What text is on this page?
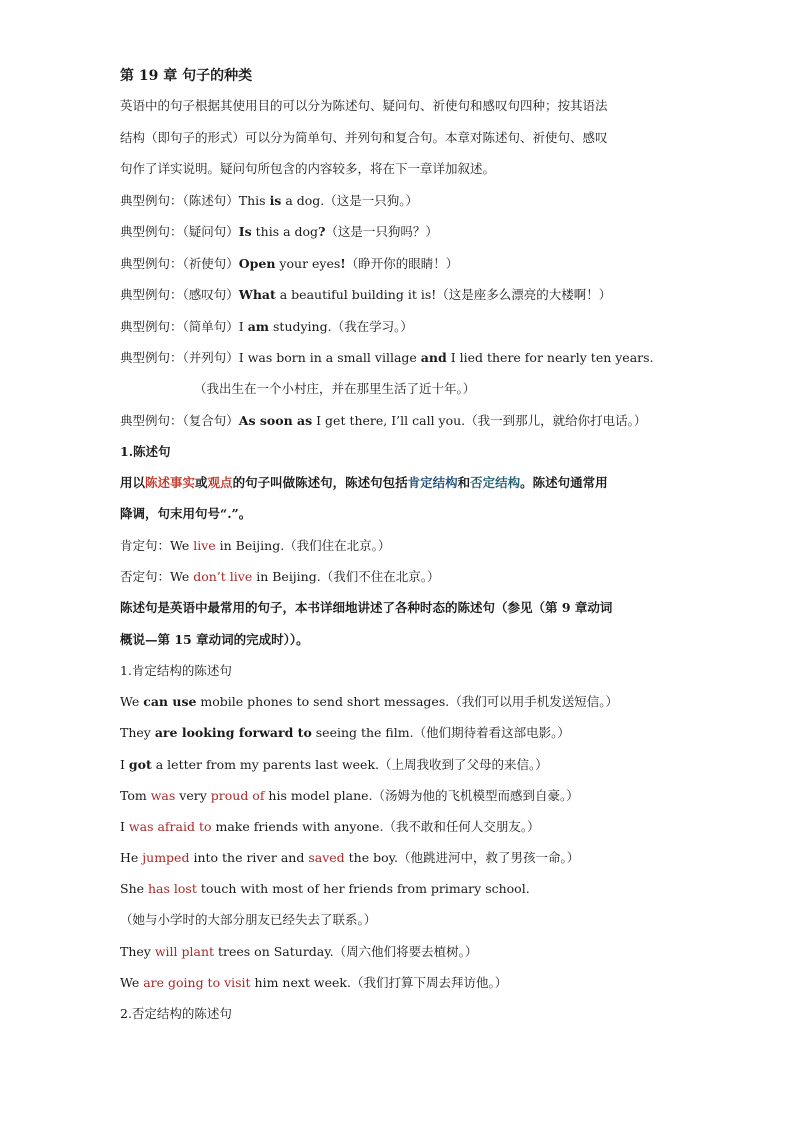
第 19 章 句子的种类
英语中的句子根据其使用目的可以分为陈述句、疑问句、祈使句和感叹句四种；按其语法
结构（即句子的形式）可以分为简单句、并列句和复合句。本章对陈述句、祈使句、感叹
句作了详实说明。疑问句所包含的内容较多，将在下一章详加叙述。
典型例句：（陈述句）This is a dog.（这是一只狗。）
典型例句：（疑问句）Is this a dog?（这是一只狗吗？）
典型例句：（祈使句）Open your eyes!（睁开你的眼睛！）
典型例句：（感叹句）What a beautiful building it is!（这是座多么漂亮的大楼啊！）
典型例句：（简单句）I am studying.（我在学习。）
典型例句：（并列句）I was born in a small village and I lied there for nearly ten years.
（我出生在一个小村庄，并在那里生活了近十年。）
典型例句：（复合句）As soon as I get there, I’ll call you.（我一到那儿，就给你打电话。）
1.陈述句
用以陈述事实或观点的句子叫做陈述句，陈述句包括肯定结构和否定结构。陈述句通常用
降调，句末用句号“.”。
肯定句：We live in Beijing.（我们住在北京。）
否定句：We don’t live in Beijing.（我们不住在北京。）
陈述句是英语中最常用的句子，本书详细地讲述了各种时态的陈述句（参见（第 9 章动词
概说—第 15 章动词的完成时））。
1.肯定结构的陈述句
We can use mobile phones to send short messages.（我们可以用手机发送短信。）
They are looking forward to seeing the film.（他们期待着看这部电影。）
I got a letter from my parents last week.（上周我收到了父母的来信。）
Tom was very proud of his model plane.（汤姆为他的飞机模型而感到自豪。）
I was afraid to make friends with anyone.（我不敢和任何人交朋友。）
He jumped into the river and saved the boy.（他跳进河中，救了男孩一命。）
She has lost touch with most of her friends from primary school.
（她与小学时的大部分朋友已经失去了联系。）
They will plant trees on Saturday.（周六他们将要去植树。）
We are going to visit him next week.（我们打算下周去拜访他。）
2.否定结构的陈述句
